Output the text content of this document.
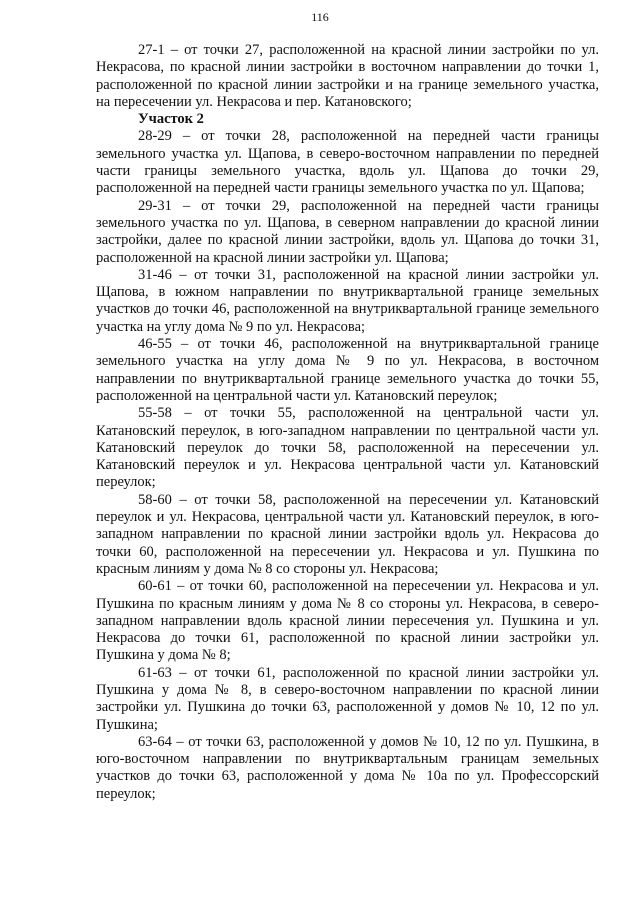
116

27-1 – от точки 27, расположенной на красной линии застройки по ул. Некрасова, по красной линии застройки в восточном направлении до точки 1, расположенной по красной линии застройки и на границе земельного участка, на пересечении ул. Некрасова и пер. Катановского;

Участок 2

28-29 – от точки 28, расположенной на передней части границы земельного участка ул. Щапова, в северо-восточном направлении по передней части границы земельного участка, вдоль ул. Щапова до точки 29, расположенной на передней части границы земельного участка по ул. Щапова;

29-31 – от точки 29, расположенной на передней части границы земельного участка по ул. Щапова, в северном направлении до красной линии застройки, далее по красной линии застройки, вдоль ул. Щапова до точки 31, расположенной на красной линии застройки ул. Щапова;

31-46 – от точки 31, расположенной на красной линии застройки ул. Щапова, в южном направлении по внутриквартальной границе земельных участков до точки 46, расположенной на внутриквартальной границе земельного участка на углу дома № 9 по ул. Некрасова;

46-55 – от точки 46, расположенной на внутриквартальной границе земельного участка на углу дома № 9 по ул. Некрасова, в восточном направлении по внутриквартальной границе земельного участка до точки 55, расположенной на центральной части ул. Катановский переулок;

55-58 – от точки 55, расположенной на центральной части ул. Катановский переулок, в юго-западном направлении по центральной части ул. Катановский переулок до точки 58, расположенной на пересечении ул. Катановский переулок и ул. Некрасова центральной части ул. Катановский переулок;

58-60 – от точки 58, расположенной на пересечении ул. Катановский переулок и ул. Некрасова, центральной части ул. Катановский переулок, в юго-западном направлении по красной линии застройки вдоль ул. Некрасова до точки 60, расположенной на пересечении ул. Некрасова и ул. Пушкина по красным линиям у дома № 8 со стороны ул. Некрасова;

60-61 – от точки 60, расположенной на пересечении ул. Некрасова и ул. Пушкина по красным линиям у дома № 8 со стороны ул. Некрасова, в северо-западном направлении вдоль красной линии пересечения ул. Пушкина и ул. Некрасова до точки 61, расположенной по красной линии застройки ул. Пушкина у дома № 8;

61-63 – от точки 61, расположенной по красной линии застройки ул. Пушкина у дома № 8, в северо-восточном направлении по красной линии застройки ул. Пушкина до точки 63, расположенной у домов № 10, 12 по ул. Пушкина;

63-64 – от точки 63, расположенной у домов № 10, 12 по ул. Пушкина, в юго-восточном направлении по внутриквартальным границам земельных участков до точки 63, расположенной у дома № 10а по ул. Профессорский переулок;
